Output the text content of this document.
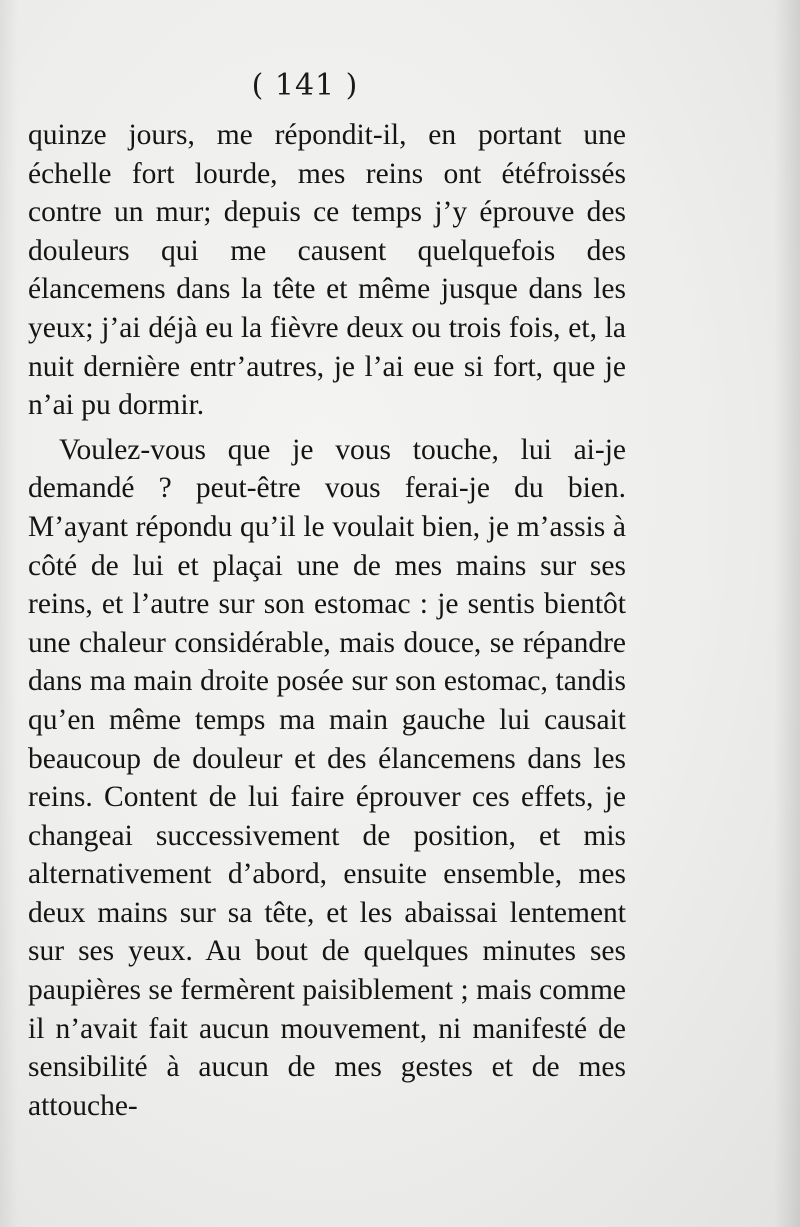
( 141 )

quinze jours, me répondit-il, en portant une échelle fort lourde, mes reins ont étéfroissés contre un mur; depuis ce temps j’y éprouve des douleurs qui me causent quelquefois des élancemens dans la tête et même jusque dans les yeux; j’ai déjà eu la fièvre deux ou trois fois, et, la nuit dernière entr’autres, je l’ai eue si fort, que je n’ai pu dormir.

Voulez-vous que je vous touche, lui ai-je demandé ? peut-être vous ferai-je du bien. M’ayant répondu qu’il le voulait bien, je m’assis à côté de lui et plaçai une de mes mains sur ses reins, et l’autre sur son estomac : je sentis bientôt une chaleur considérable, mais douce, se répandre dans ma main droite posée sur son estomac, tandis qu’en même temps ma main gauche lui causait beaucoup de douleur et des élancemens dans les reins. Content de lui faire éprouver ces effets, je changeai successivement de position, et mis alternativement d’abord, ensuite ensemble, mes deux mains sur sa tête, et les abaissai lentement sur ses yeux. Au bout de quelques minutes ses paupières se fermèrent paisiblement ; mais comme il n’avait fait aucun mouvement, ni manifesté de sensibilité à aucun de mes gestes et de mes attouche-
